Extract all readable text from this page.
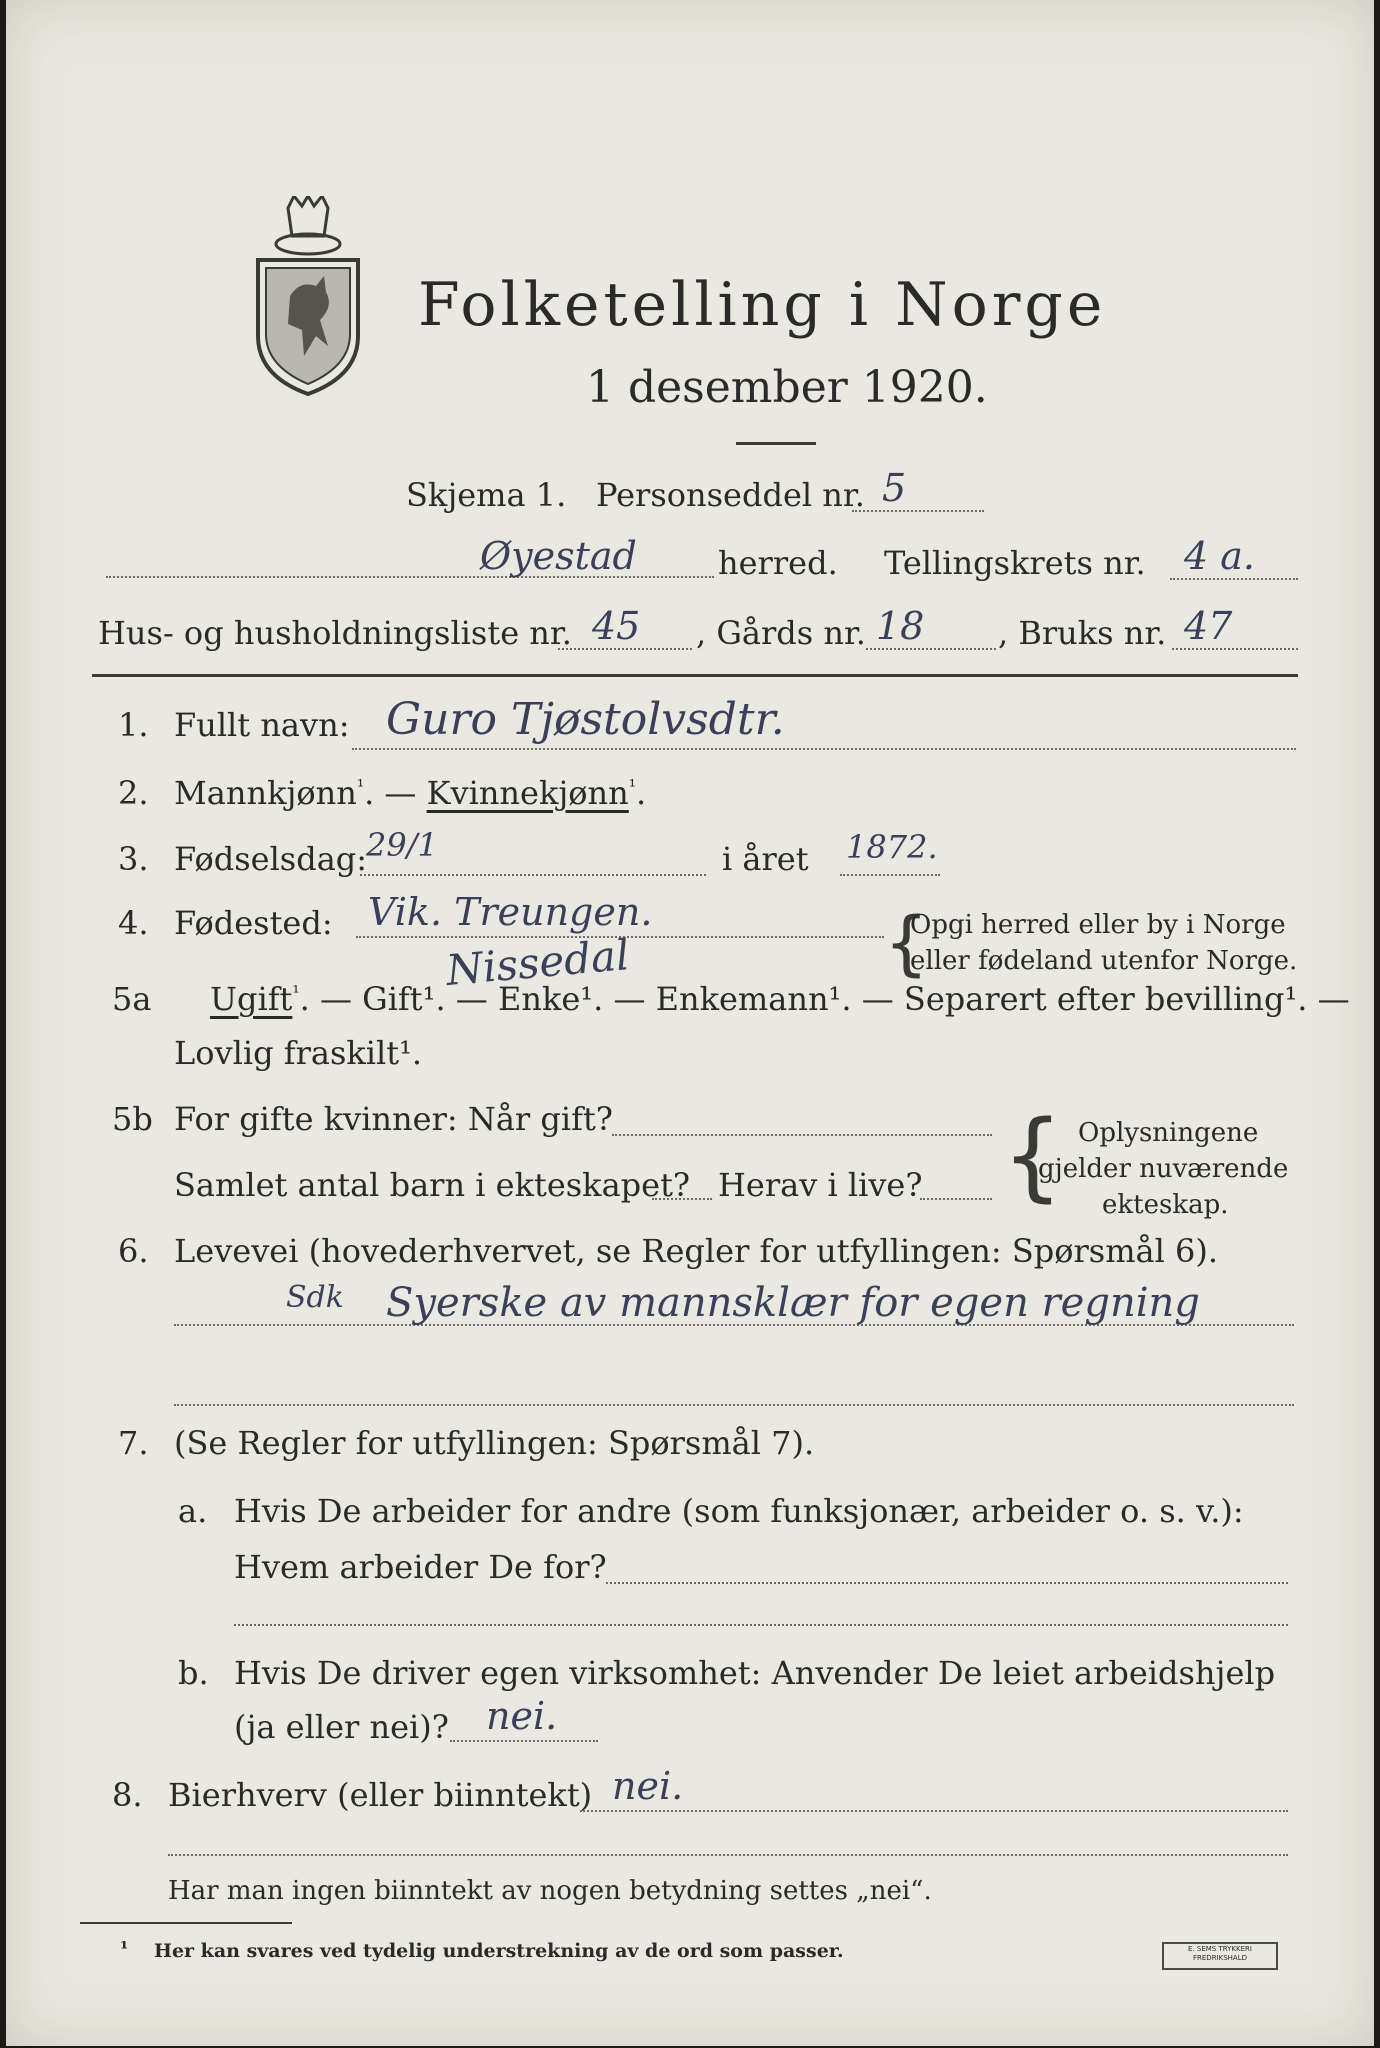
Folketelling i Norge
1 desember 1920.
Skjema 1. Personseddel nr. 5
Øyestad	herred. Tellingskrets nr. 4 a.
Hus- og husholdningsliste nr. 45 , Gårds nr. 18 , Bruks nr. 47
1. Fullt navn: Guro Tjøstolvsdtr.
2. Mannkjønn$^{^1}$. — Kvinnekjønn$^{^1}$.
3. Fødselsdag:
29/1	i året 1872.
4. Fødested: Vik. Treungen.
Nissedal	{
Opgi herred eller by i Norge
eller fødeland utenfor Norge.
5a Ugift$^{^1}$. — Gift¹. — Enke¹. — Enkemann¹. — Separert efter bevilling¹. —
Lovlig fraskilt¹.
5b For gifte kvinner: Når gift?
Samlet antal barn i ekteskapet? Herav i live? { Oplysningene
gjelder nuværende
ekteskap.
6. Levevei (hovederhvervet, se Regler for utfyllingen: Spørsmål 6).
Sdk Syerske av mannsklær for egen regning
7. (Se Regler for utfyllingen: Spørsmål 7).
a. Hvis De arbeider for andre (som funksjonær, arbeider o. s. v.):
Hvem arbeider De for?
b. Hvis De driver egen virksomhet: Anvender De leiet arbeidshjelp
(ja eller nei)? nei.
8. Bierhverv (eller biinntekt) nei.
Har man ingen biinntekt av nogen betydning settes „nei“.
¹ Her kan svares ved tydelig understrekning av de ord som passer.	E. SEMS TRYKKERI FREDRIKSHALD
